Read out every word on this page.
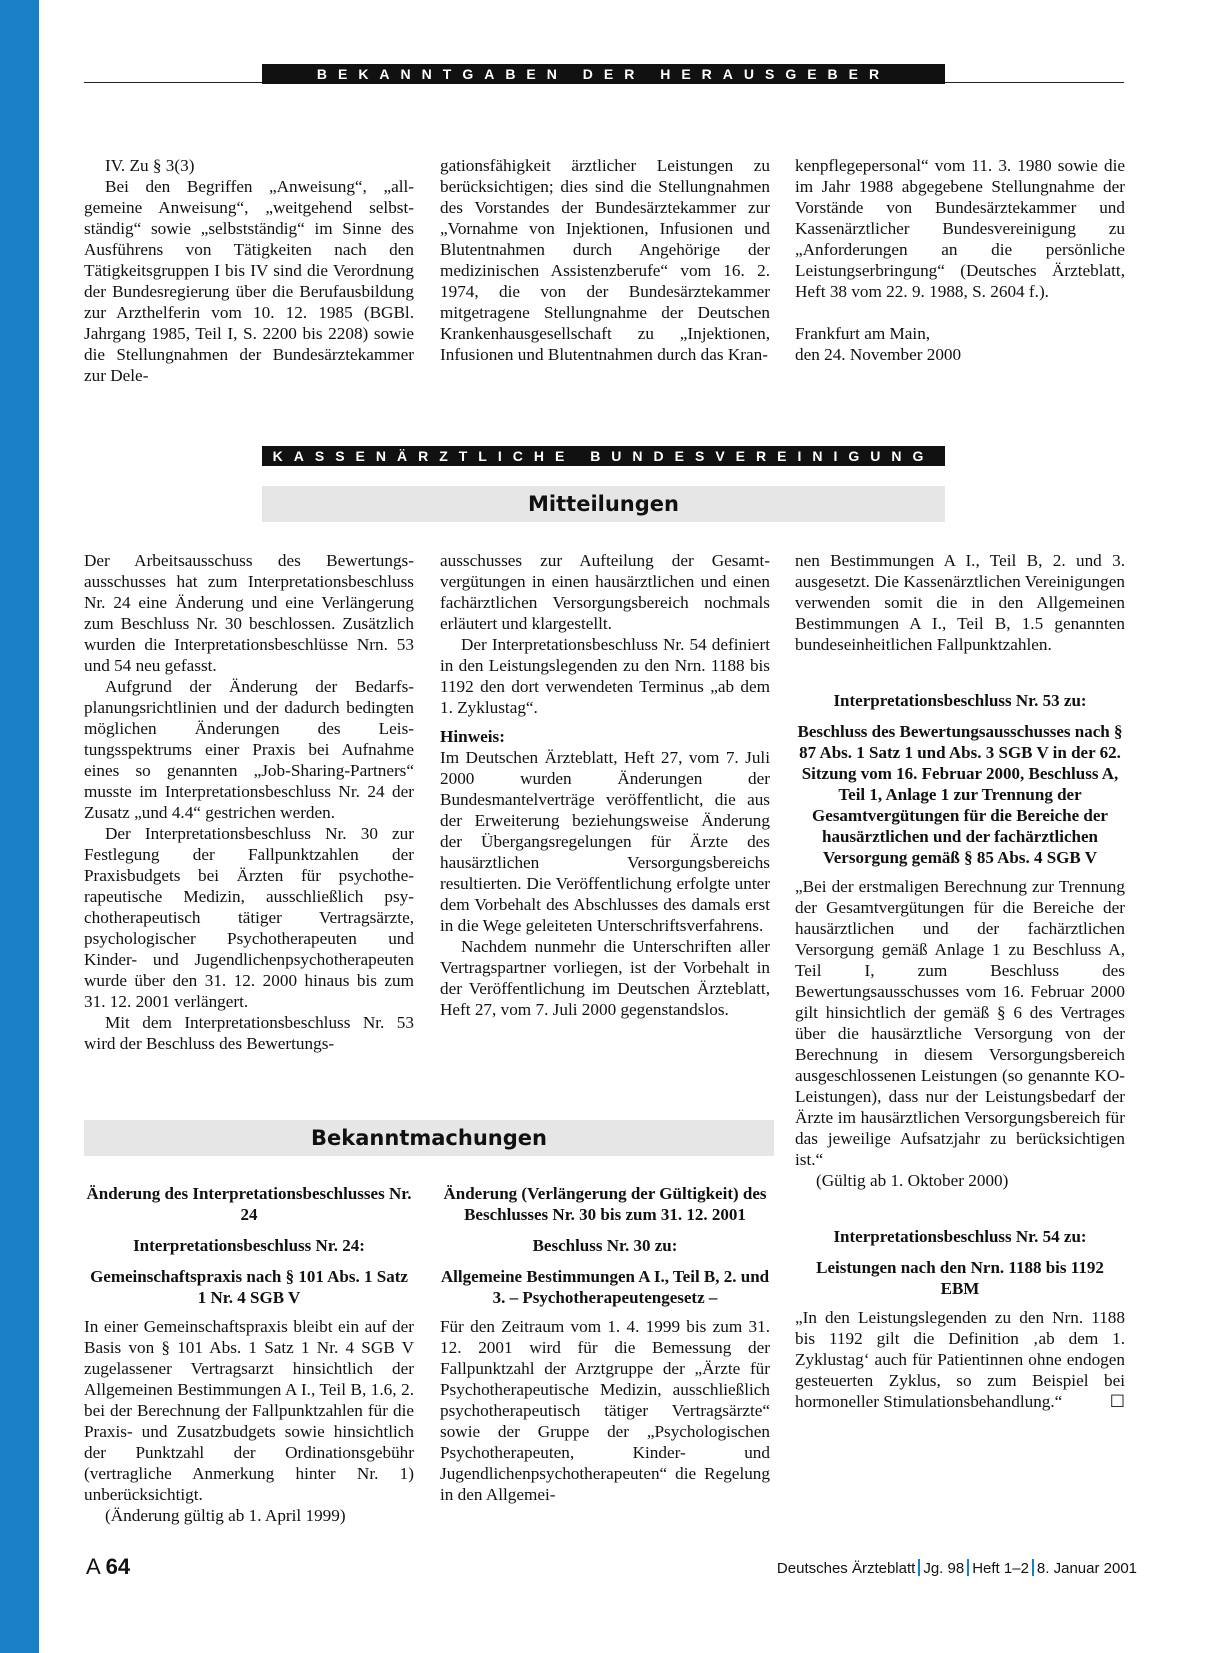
BEKANNTGABEN DER HERAUSGEBER

IV. Zu § 3(3)

Bei den Begriffen „Anweisung“, „allgemeine Anweisung“, „weitgehend selbstständig“ sowie „selbstständig“ im Sinne des Ausführens von Tätigkeiten nach den Tätigkeitsgruppen I bis IV sind die Verordnung der Bundesregierung über die Berufausbildung zur Arzthelferin vom 10. 12. 1985 (BGBl. Jahrgang 1985, Teil I, S. 2200 bis 2208) sowie die Stellungnahmen der Bundesärztekammer zur Dele-

gationsfähigkeit ärztlicher Leistungen zu berücksichtigen; dies sind die Stellungnahmen des Vorstandes der Bundesärztekammer zur „Vornahme von Injektionen, Infusionen und Blutentnahmen durch Angehörige der medizinischen Assistenzberufe“ vom 16. 2. 1974, die von der Bundesärztekammer mitgetragene Stellungnahme der Deutschen Krankenhausgesellschaft zu „Injektionen, Infusionen und Blutentnahmen durch das Kran-

kenpflegepersonal“ vom 11. 3. 1980 sowie die im Jahr 1988 abgegebene Stellungnahme der Vorstände von Bundesärztekammer und Kassenärztlicher Bundesvereinigung zu „Anforderungen an die persönliche Leistungserbringung“ (Deutsches Ärzteblatt, Heft 38 vom 22. 9. 1988, S. 2604 f.).

Frankfurt am Main,

den 24. November 2000

KASSENÄRZTLICHE BUNDESVEREINIGUNG
Mitteilungen

Der Arbeitsausschuss des Bewertungsausschusses hat zum Interpretationsbeschluss Nr. 24 eine Änderung und eine Verlängerung zum Beschluss Nr. 30 beschlossen. Zusätzlich wurden die Interpretationsbeschlüsse Nrn. 53 und 54 neu gefasst.

Aufgrund der Änderung der Bedarfsplanungsrichtlinien und der dadurch bedingten möglichen Änderungen des Leistungsspektrums einer Praxis bei Aufnahme eines so genannten „Job-Sharing-Partners“ musste im Interpretationsbeschluss Nr. 24 der Zusatz „und 4.4“ gestrichen werden.

Der Interpretationsbeschluss Nr. 30 zur Festlegung der Fallpunktzahlen der Praxisbudgets bei Ärzten für psychotherapeutische Medizin, ausschließlich psychotherapeutisch tätiger Vertragsärzte, psychologischer Psychotherapeuten und Kinder- und Jugendlichenpsychotherapeuten wurde über den 31. 12. 2000 hinaus bis zum 31. 12. 2001 verlängert.

Mit dem Interpretationsbeschluss Nr. 53 wird der Beschluss des Bewertungs-

ausschusses zur Aufteilung der Gesamtvergütungen in einen hausärztlichen und einen fachärztlichen Versorgungsbereich nochmals erläutert und klargestellt.

Der Interpretationsbeschluss Nr. 54 definiert in den Leistungslegenden zu den Nrn. 1188 bis 1192 den dort verwendeten Terminus „ab dem 1. Zyklustag“.

Hinweis:

Im Deutschen Ärzteblatt, Heft 27, vom 7. Juli 2000 wurden Änderungen der Bundesmantelverträge veröffentlicht, die aus der Erweiterung beziehungsweise Änderung der Übergangsregelungen für Ärzte des hausärztlichen Versorgungsbereichs resultierten. Die Veröffentlichung erfolgte unter dem Vorbehalt des Abschlusses des damals erst in die Wege geleiteten Unterschriftsverfahrens.

Nachdem nunmehr die Unterschriften aller Vertragspartner vorliegen, ist der Vorbehalt in der Veröffentlichung im Deutschen Ärzteblatt, Heft 27, vom 7. Juli 2000 gegenstandslos.

nen Bestimmungen A I., Teil B, 2. und 3. ausgesetzt. Die Kassenärztlichen Vereinigungen verwenden somit die in den Allgemeinen Bestimmungen A I., Teil B, 1.5 genannten bundeseinheitlichen Fallpunktzahlen.

Interpretationsbeschluss Nr. 53 zu:
Beschluss des Bewertungsausschusses nach § 87 Abs. 1 Satz 1 und Abs. 3 SGB V in der 62. Sitzung vom 16. Februar 2000, Beschluss A, Teil 1, Anlage 1 zur Trennung der Gesamtvergütungen für die Bereiche der hausärztlichen und der fachärztlichen Versorgung gemäß § 85 Abs. 4 SGB V

„Bei der erstmaligen Berechnung zur Trennung der Gesamtvergütungen für die Bereiche der hausärztlichen und der fachärztlichen Versorgung gemäß Anlage 1 zu Beschluss A, Teil I, zum Beschluss des Bewertungsausschusses vom 16. Februar 2000 gilt hinsichtlich der gemäß § 6 des Vertrages über die hausärztliche Versorgung von der Berechnung in diesem Versorgungsbereich ausgeschlossenen Leistungen (so genannte KO-Leistungen), dass nur der Leistungsbedarf der Ärzte im hausärztlichen Versorgungsbereich für das jeweilige Aufsatzjahr zu berücksichtigen ist.“

(Gültig ab 1. Oktober 2000)

Interpretationsbeschluss Nr. 54 zu:
Leistungen nach den Nrn. 1188 bis 1192 EBM

„In den Leistungslegenden zu den Nrn. 1188 bis 1192 gilt die Definition ‚ab dem 1. Zyklustag‘ auch für Patientinnen ohne endogen gesteuerten Zyklus, so zum Beispiel bei hormoneller Stimulationsbehandlung.“	☐

Bekanntmachungen
Änderung des Interpretationsbeschlusses Nr. 24
Interpretationsbeschluss Nr. 24:
Gemeinschaftspraxis nach § 101 Abs. 1 Satz 1 Nr. 4 SGB V

In einer Gemeinschaftspraxis bleibt ein auf der Basis von § 101 Abs. 1 Satz 1 Nr. 4 SGB V zugelassener Vertragsarzt hinsichtlich der Allgemeinen Bestimmungen A I., Teil B, 1.6, 2. bei der Berechnung der Fallpunktzahlen für die Praxis- und Zusatzbudgets sowie hinsichtlich der Punktzahl der Ordinationsgebühr (vertragliche Anmerkung hinter Nr. 1) unberücksichtigt.

(Änderung gültig ab 1. April 1999)

Änderung (Verlängerung der Gültigkeit) des Beschlusses Nr. 30 bis zum 31. 12. 2001
Beschluss Nr. 30 zu:
Allgemeine Bestimmungen A I., Teil B, 2. und 3. – Psychotherapeutengesetz –

Für den Zeitraum vom 1. 4. 1999 bis zum 31. 12. 2001 wird für die Bemessung der Fallpunktzahl der Arztgruppe der „Ärzte für Psychotherapeutische Medizin, ausschließlich psychotherapeutisch tätiger Vertragsärzte“ sowie der Gruppe der „Psychologischen Psychotherapeuten, Kinder- und Jugendlichenpsychotherapeuten“ die Regelung in den Allgemei-

A 64	Deutsches Ärzteblatt Jg. 98 Heft 1–2 8. Januar 2001
